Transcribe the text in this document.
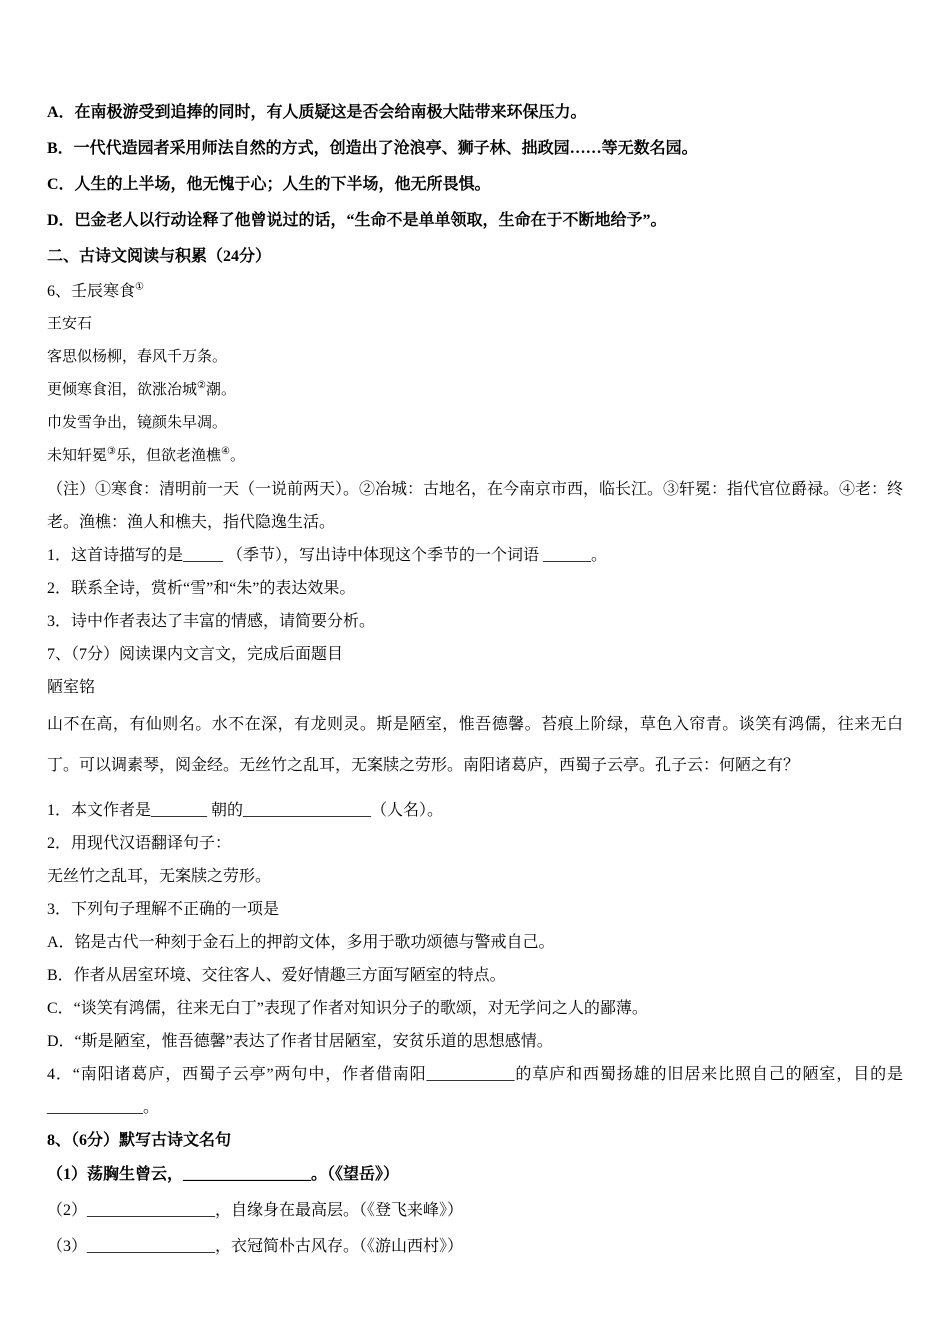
A．在南极游受到追捧的同时，有人质疑这是否会给南极大陆带来环保压力。

B．一代代造园者采用师法自然的方式，创造出了沧浪亭、狮子林、拙政园……等无数名园。

C．人生的上半场，他无愧于心；人生的下半场，他无所畏惧。

D．巴金老人以行动诠释了他曾说过的话，“生命不是单单领取，生命在于不断地给予”。

二、古诗文阅读与积累（24分）

6、壬辰寒食①

王安石

客思似杨柳，春风千万条。

更倾寒食泪，欲涨冶城②潮。

巾发雪争出，镜颜朱早凋。

未知轩冕③乐，但欲老渔樵④。

（注）①寒食：清明前一天（一说前两天）。②冶城：古地名，在今南京市西，临长江。③轩冕：指代官位爵禄。④老：终老。渔樵：渔人和樵夫，指代隐逸生活。

1．这首诗描写的是_____ （季节），写出诗中体现这个季节的一个词语 ______。

2．联系全诗，赏析“雪”和“朱”的表达效果。

3．诗中作者表达了丰富的情感，请简要分析。

7、（7分）阅读课内文言文，完成后面题目

陋室铭

山不在高，有仙则名。水不在深，有龙则灵。斯是陋室，惟吾德馨。苔痕上阶绿，草色入帘青。谈笑有鸿儒，往来无白丁。可以调素琴，阅金经。无丝竹之乱耳，无案牍之劳形。南阳诸葛庐，西蜀子云亭。孔子云：何陋之有？

1．本文作者是_______ 朝的________________（人名）。

2．用现代汉语翻译句子：

无丝竹之乱耳，无案牍之劳形。

3．下列句子理解不正确的一项是

A．铭是古代一种刻于金石上的押韵文体，多用于歌功颂德与警戒自己。

B．作者从居室环境、交往客人、爱好情趣三方面写陋室的特点。

C．“谈笑有鸿儒，往来无白丁”表现了作者对知识分子的歌颂，对无学问之人的鄙薄。

D．“斯是陋室，惟吾德馨”表达了作者甘居陋室，安贫乐道的思想感情。

4．“南阳诸葛庐，西蜀子云亭”两句中，作者借南阳___________的草庐和西蜀扬雄的旧居来比照自己的陋室，目的是____________。

8、（6分）默写古诗文名句

（1）荡胸生曾云，________________。（《望岳》）

（2）________________，自缘身在最高层。（《登飞来峰》）

（3）________________，衣冠简朴古风存。（《游山西村》）
